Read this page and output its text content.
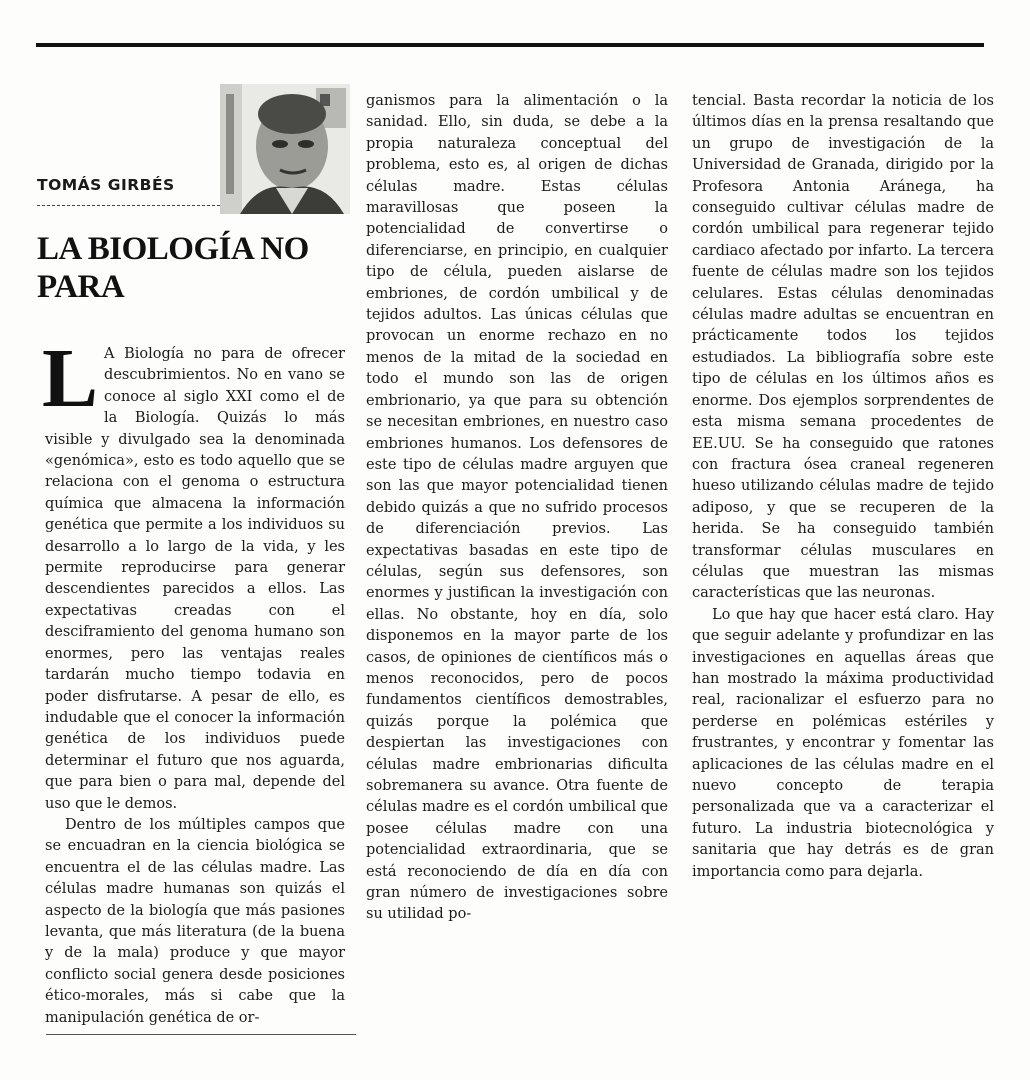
TOMÁS GIRBÉS
LA BIOLOGÍA NO PARA

L A Biología no para de ofrecer descubrimientos. No en vano se conoce al siglo XXI como el de la Biología. Quizás lo más visible y divulgado sea la denominada «genómica», esto es todo aquello que se relaciona con el genoma o estructura química que almacena la información genética que permite a los individuos su desarrollo a lo largo de la vida, y les permite reproducirse para generar descendientes parecidos a ellos. Las expectativas creadas con el desciframiento del genoma humano son enormes, pero las ventajas reales tardarán mucho tiempo todavia en poder disfrutarse. A pesar de ello, es indudable que el conocer la información genética de los individuos puede determinar el futuro que nos aguarda, que para bien o para mal, depende del uso que le demos.

Dentro de los múltiples campos que se encuadran en la ciencia biológica se encuentra el de las células madre. Las células madre humanas son quizás el aspecto de la biología que más pasiones levanta, que más literatura (de la buena y de la mala) produce y que mayor conflicto social genera desde posiciones ético-morales, más si cabe que la manipulación genética de or-

ganismos para la alimentación o la sanidad. Ello, sin duda, se debe a la propia naturaleza conceptual del problema, esto es, al origen de dichas células madre. Estas células maravillosas que poseen la potencialidad de convertirse o diferenciarse, en principio, en cualquier tipo de célula, pueden aislarse de embriones, de cordón umbilical y de tejidos adultos. Las únicas células que provocan un enorme rechazo en no menos de la mitad de la sociedad en todo el mundo son las de origen embrionario, ya que para su obtención se necesitan embriones, en nuestro caso embriones humanos. Los defensores de este tipo de células madre arguyen que son las que mayor potencialidad tienen debido quizás a que no sufrido procesos de diferenciación previos. Las expectativas basadas en este tipo de células, según sus defensores, son enormes y justifican la investigación con ellas. No obstante, hoy en día, solo disponemos en la mayor parte de los casos, de opiniones de científicos más o menos reconocidos, pero de pocos fundamentos científicos demostrables, quizás porque la polémica que despiertan las investigaciones con células madre embrionarias dificulta sobremanera su avance. Otra fuente de células madre es el cordón umbilical que posee células madre con una potencialidad extraordinaria, que se está reconociendo de día en día con gran número de investigaciones sobre su utilidad po-

tencial. Basta recordar la noticia de los últimos días en la prensa resaltando que un grupo de investigación de la Universidad de Granada, dirigido por la Profesora Antonia Aránega, ha conseguido cultivar células madre de cordón umbilical para regenerar tejido cardiaco afectado por infarto. La tercera fuente de células madre son los tejidos celulares. Estas células denominadas células madre adultas se encuentran en prácticamente todos los tejidos estudiados. La bibliografía sobre este tipo de células en los últimos años es enorme. Dos ejemplos sorprendentes de esta misma semana procedentes de EE.UU. Se ha conseguido que ratones con fractura ósea craneal regeneren hueso utilizando células madre de tejido adiposo, y que se recuperen de la herida. Se ha conseguido también transformar células musculares en células que muestran las mismas características que las neuronas.

Lo que hay que hacer está claro. Hay que seguir adelante y profundizar en las investigaciones en aquellas áreas que han mostrado la máxima productividad real, racionalizar el esfuerzo para no perderse en polémicas estériles y frustrantes, y encontrar y fomentar las aplicaciones de las células madre en el nuevo concepto de terapia personalizada que va a caracterizar el futuro. La industria biotecnológica y sanitaria que hay detrás es de gran importancia como para dejarla.
